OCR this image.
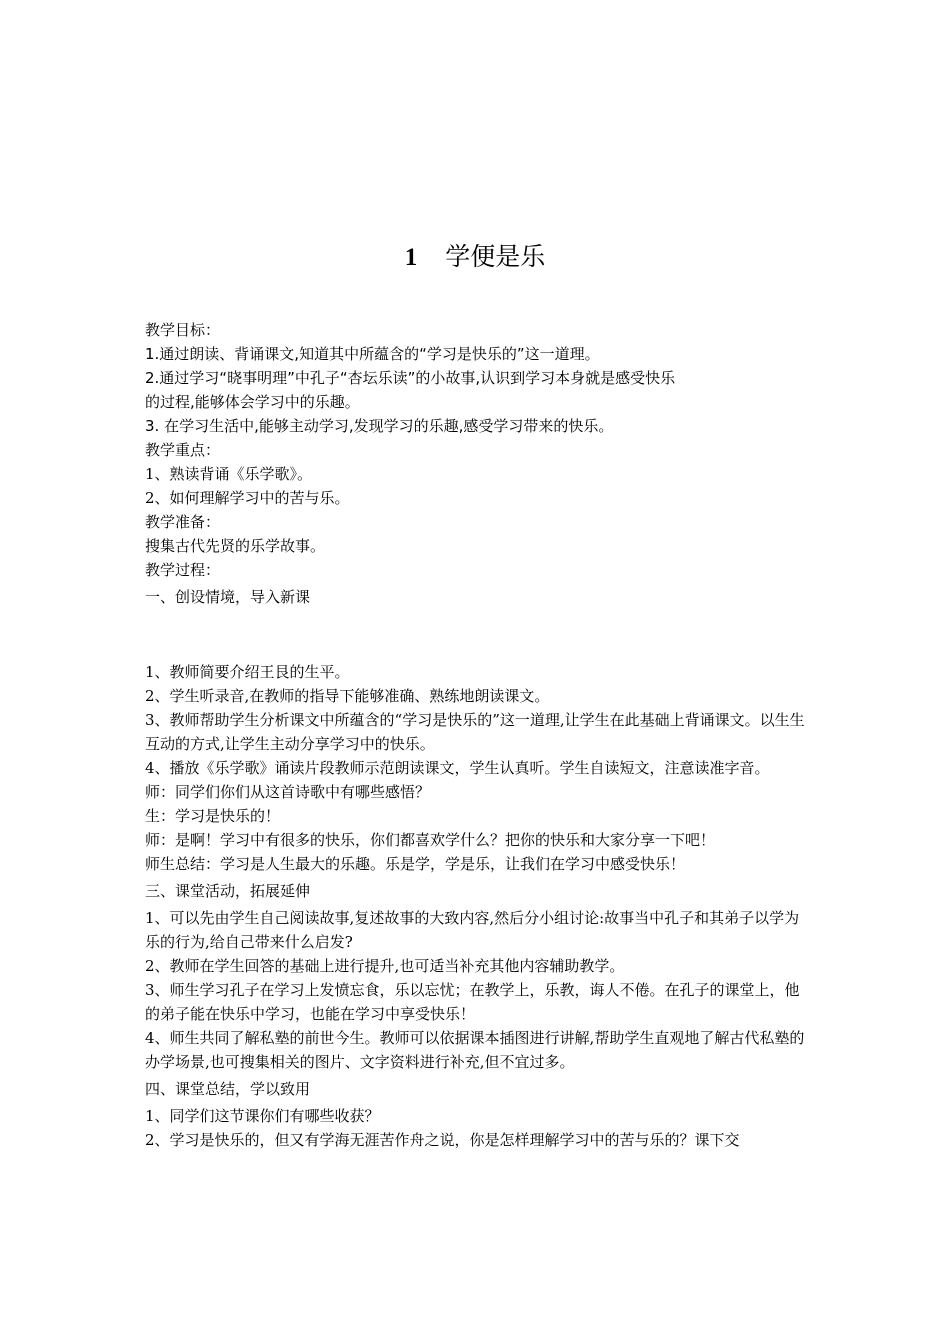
1 学便是乐

教学目标：

1.通过朗读、背诵课文,知道其中所蕴含的“学习是快乐的”这一道理。

2.通过学习“晓事明理”中孔子“杏坛乐读”的小故事,认识到学习本身就是感受快乐

的过程,能够体会学习中的乐趣。

3. 在学习生活中,能够主动学习,发现学习的乐趣,感受学习带来的快乐。

教学重点：

1、熟读背诵《乐学歌》。

2、如何理解学习中的苦与乐。

教学准备：

搜集古代先贤的乐学故事。

教学过程：

一、创设情境，导入新课

1、教师简要介绍王艮的生平。

2、学生听录音,在教师的指导下能够准确、熟练地朗读课文。

3、教师帮助学生分析课文中所蕴含的“学习是快乐的”这一道理,让学生在此基础上背诵课文。以生生互动的方式,让学生主动分享学习中的快乐。

4、播放《乐学歌》诵读片段教师示范朗读课文，学生认真听。学生自读短文，注意读准字音。

师：同学们你们从这首诗歌中有哪些感悟？

生：学习是快乐的！

师：是啊！学习中有很多的快乐，你们都喜欢学什么？把你的快乐和大家分享一下吧！

师生总结：学习是人生最大的乐趣。乐是学，学是乐，让我们在学习中感受快乐！

三、课堂活动，拓展延伸

1、可以先由学生自己阅读故事,复述故事的大致内容,然后分小组讨论:故事当中孔子和其弟子以学为乐的行为,给自己带来什么启发?

2、教师在学生回答的基础上进行提升,也可适当补充其他内容辅助教学。

3、师生学习孔子在学习上发愤忘食，乐以忘忧；在教学上，乐教，诲人不倦。在孔子的课堂上，他的弟子能在快乐中学习，也能在学习中享受快乐！

4、师生共同了解私塾的前世今生。教师可以依据课本插图进行讲解,帮助学生直观地了解古代私塾的办学场景,也可搜集相关的图片、文字资料进行补充,但不宜过多。

四、课堂总结，学以致用

1、同学们这节课你们有哪些收获？

2、学习是快乐的，但又有学海无涯苦作舟之说，你是怎样理解学习中的苦与乐的？课下交
